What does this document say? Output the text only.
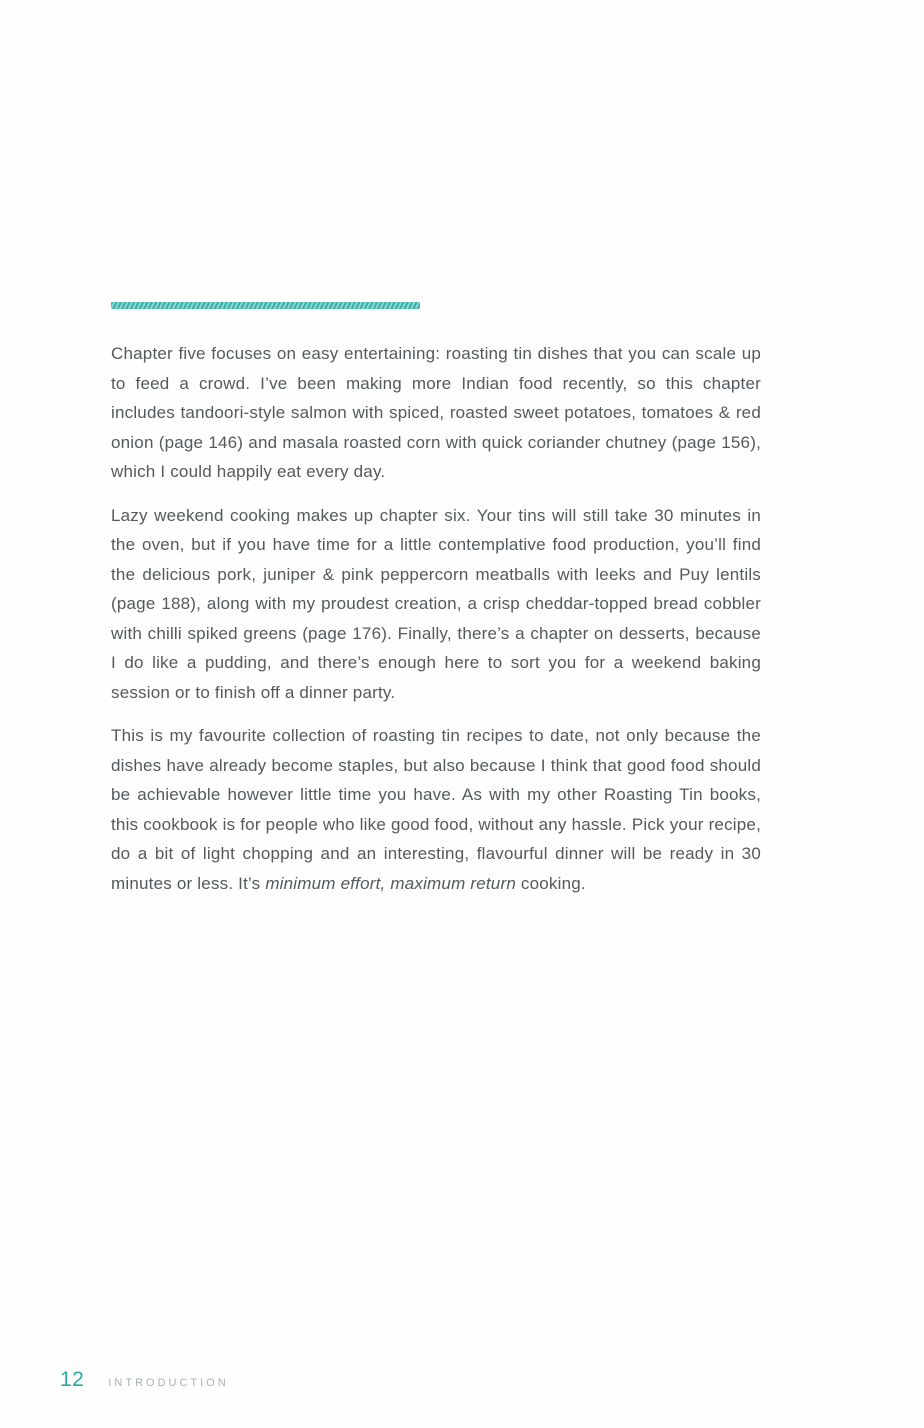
Chapter five focuses on easy entertaining: roasting tin dishes that you can scale up to feed a crowd. I’ve been making more Indian food recently, so this chapter includes tandoori-style salmon with spiced, roasted sweet potatoes, tomatoes & red onion (page 146) and masala roasted corn with quick coriander chutney (page 156), which I could happily eat every day.

Lazy weekend cooking makes up chapter six. Your tins will still take 30 minutes in the oven, but if you have time for a little contemplative food production, you’ll find the delicious pork, juniper & pink peppercorn meatballs with leeks and Puy lentils (page 188), along with my proudest creation, a crisp cheddar-topped bread cobbler with chilli spiked greens (page 176). Finally, there’s a chapter on desserts, because I do like a pudding, and there’s enough here to sort you for a weekend baking session or to finish off a dinner party.

This is my favourite collection of roasting tin recipes to date, not only because the dishes have already become staples, but also because I think that good food should be achievable however little time you have. As with my other Roasting Tin books, this cookbook is for people who like good food, without any hassle. Pick your recipe, do a bit of light chopping and an interesting, flavourful dinner will be ready in 30 minutes or less. It’s minimum effort, maximum return cooking.

12 INTRODUCTION
